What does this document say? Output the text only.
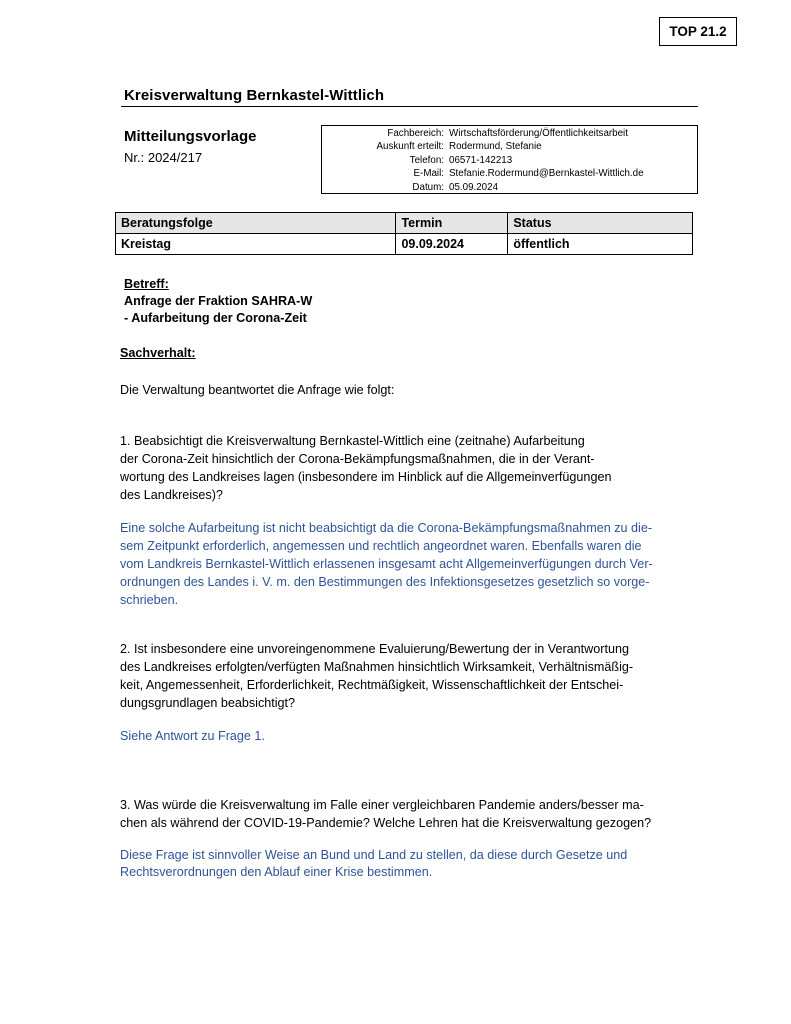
TOP 21.2
Kreisverwaltung Bernkastel-Wittlich
Mitteilungsvorlage
Nr.: 2024/217
Fachbereich: Wirtschaftsförderung/Öffentlichkeitsarbeit
Auskunft erteilt: Rodermund, Stefanie
Telefon: 06571-142213
E-Mail: Stefanie.Rodermund@Bernkastel-Wittlich.de
Datum: 05.09.2024
Beratungsfolge	Termin	Status
Kreistag	09.09.2024	öffentlich
Betreff:
Anfrage der Fraktion SAHRA-W
- Aufarbeitung der Corona-Zeit
Sachverhalt:
Die Verwaltung beantwortet die Anfrage wie folgt:
1. Beabsichtigt die Kreisverwaltung Bernkastel-Wittlich eine (zeitnahe) Aufarbeitung
der Corona-Zeit hinsichtlich der Corona-Bekämpfungsmaßnahmen, die in der Verant-
wortung des Landkreises lagen (insbesondere im Hinblick auf die Allgemeinverfügungen
des Landkreises)?
Eine solche Aufarbeitung ist nicht beabsichtigt da die Corona-Bekämpfungsmaßnahmen zu die-
sem Zeitpunkt erforderlich, angemessen und rechtlich angeordnet waren. Ebenfalls waren die
vom Landkreis Bernkastel-Wittlich erlassenen insgesamt acht Allgemeinverfügungen durch Ver-
ordnungen des Landes i. V. m. den Bestimmungen des Infektionsgesetzes gesetzlich so vorge-
schrieben.
2. Ist insbesondere eine unvoreingenommene Evaluierung/Bewertung der in Verantwortung
des Landkreises erfolgten/verfügten Maßnahmen hinsichtlich Wirksamkeit, Verhältnismäßig-
keit, Angemessenheit, Erforderlichkeit, Rechtmäßigkeit, Wissenschaftlichkeit der Entschei-
dungsgrundlagen beabsichtigt?
Siehe Antwort zu Frage 1.
3. Was würde die Kreisverwaltung im Falle einer vergleichbaren Pandemie anders/besser ma-
chen als während der COVID-19-Pandemie? Welche Lehren hat die Kreisverwaltung gezogen?
Diese Frage ist sinnvoller Weise an Bund und Land zu stellen, da diese durch Gesetze und
Rechtsverordnungen den Ablauf einer Krise bestimmen.
